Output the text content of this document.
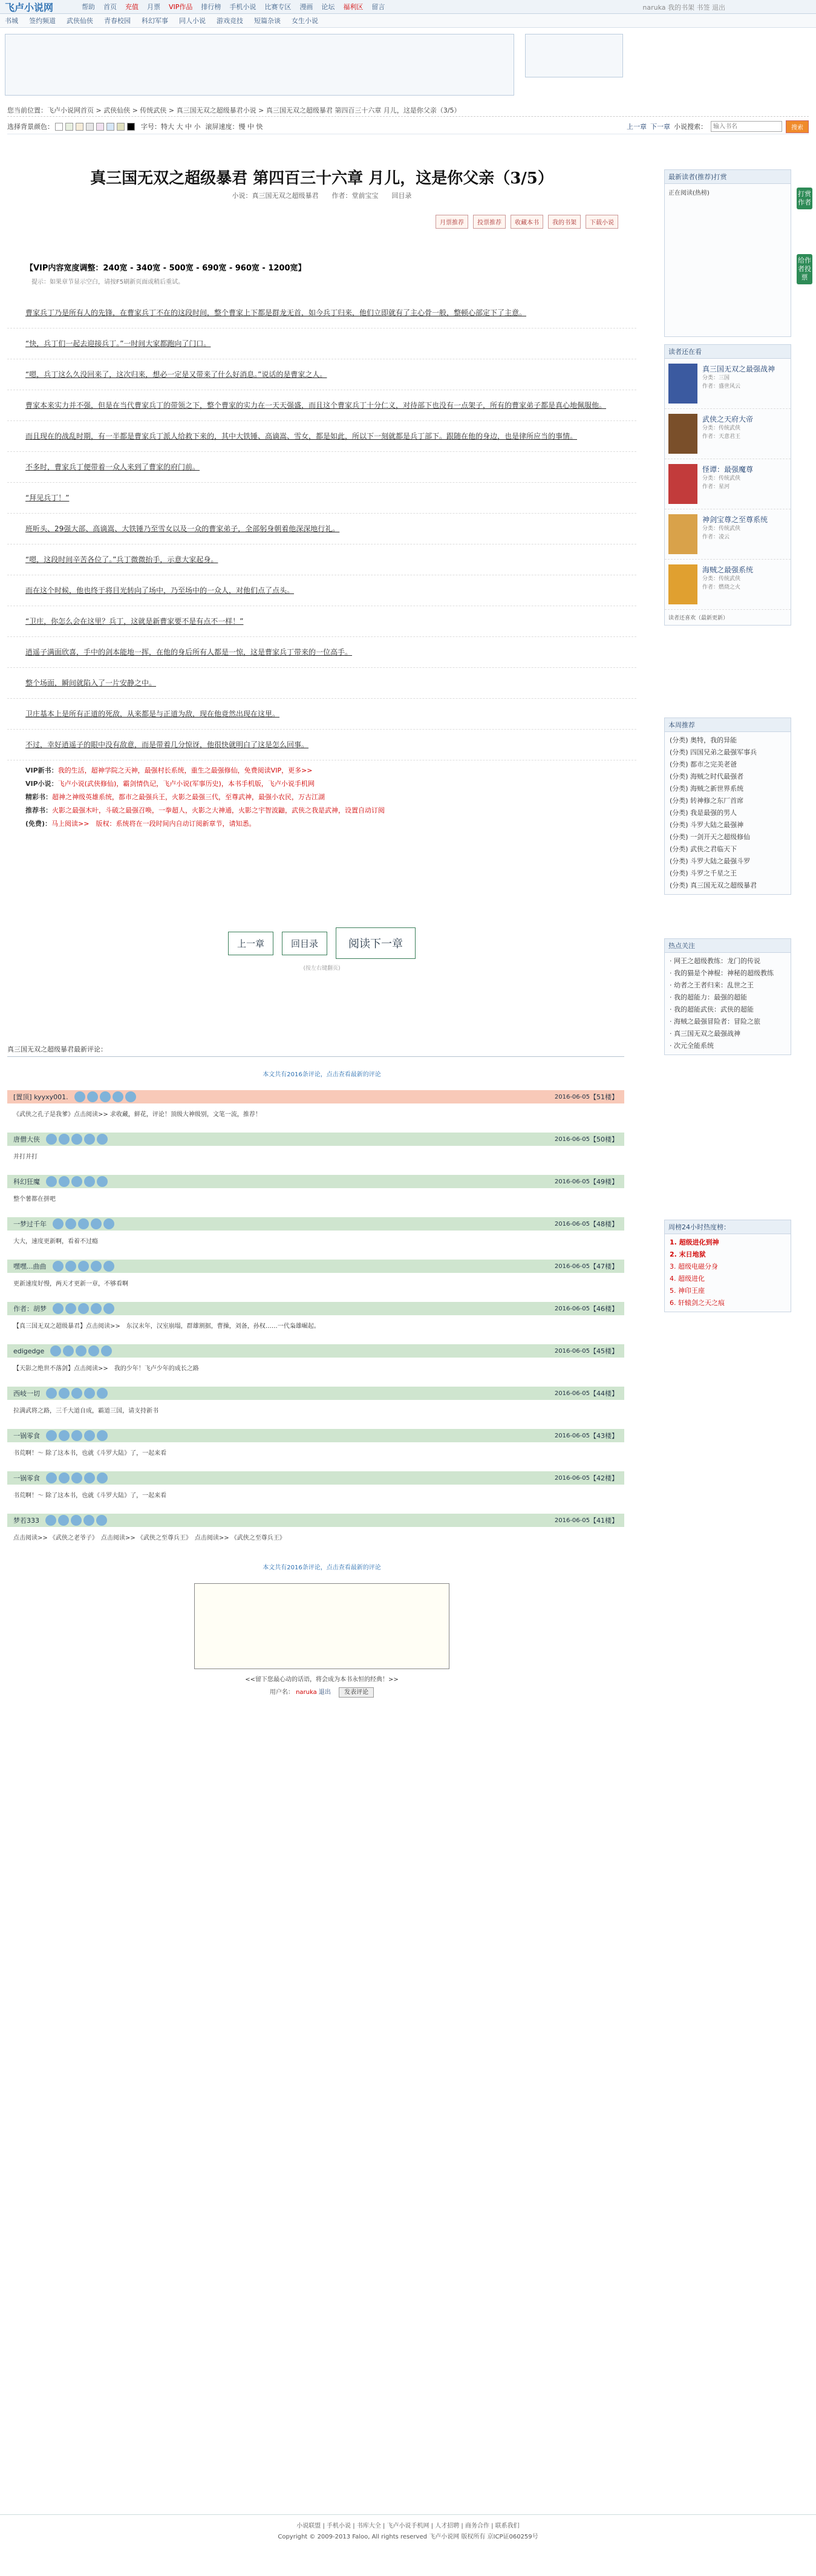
飞卢小说网	帮助 首页 充值 月票 VIP作品 排行榜 手机小说 比赛专区 漫画 论坛 福利区 留言	naruka 我的书架 书签 退出
书城 签约频道 武侠仙侠 青春校园 科幻军事 同人小说 游戏竞技 短篇杂谈 女生小说
您当前位置：飞卢小说网首页 > 武侠仙侠 > 传统武侠 > 真三国无双之超级暴君小说 > 真三国无双之超级暴君 第四百三十六章 月儿，这是你父亲（3/5）
选择背景颜色：	字号： 特大 大 中 小 滚屏速度： 慢 中 快	上一章 下一章 小说搜索：
输入书名	搜索
真三国无双之超级暴君 第四百三十六章 月儿，这是你父亲（3/5）
小说：真三国无双之超级暴君　　作者：堂前宝宝　　回目录
月票推荐	投票推荐	收藏本书	我的书架	下载小说
【VIP内容宽度调整：240宽 - 340宽 - 500宽 - 690宽 - 960宽 - 1200宽】
提示：如果章节显示空白，请按F5刷新页面或稍后重试。

曹家兵丁乃是所有人的先锋，在曹家兵丁不在的这段时间，整个曹家上下都是群龙无首，如今兵丁归来，他们立即就有了主心骨一般，整顿心部定下了主意。

“快，兵丁们一起去迎接兵丁。”一时间大家都跑向了门口。

“嗯，兵丁这么久没回来了，这次归来，想必一定是又带来了什么好消息。”说话的是曹家之人。

曹家本来实力并不强，但是在当代曹家兵丁的带领之下，整个曹家的实力在一天天强盛，而且这个曹家兵丁十分仁义，对待部下也没有一点架子，所有的曹家弟子都是真心地佩服他。

而且现在的战乱时期，有一半都是曹家兵丁派人给救下来的，其中大铁锤、高谪嵩、雪女，都是如此，所以下一刻就都是兵丁部下。跟随在他的身边，也是律所应当的事情。

不多时，曹家兵丁便带着一众人来到了曹家的府门前。

“拜见兵丁！”

班昕头、29强大部、高谪嵩、大铁锤乃至雪女以及一众的曹家弟子，全部躬身朝着他深深地行礼。

“嗯，这段时间辛苦各位了。”兵丁微微抬手，示意大家起身。

而在这个时候，他也终于将目光转向了场中，乃至场中的一众人，对他们点了点头。

“卫庄，你怎么会在这里？兵丁，这就是新曹家要不是有点不一样！”

逍遥子满面欣喜，手中的剑本能地一挥，在他的身后所有人都是一惊，这是曹家兵丁带来的一位高手。

整个场面，瞬间就陷入了一片安静之中。

卫庄基本上是所有正道的死敌，从来都是与正道为敌，现在他竟然出现在这里。

不过，幸好逍遥子的眼中没有敌意，而是带着几分惊讶，他很快就明白了这是怎么回事。

VIP新书：我的生活，超神学院之天神，最强村长系统，重生之最强修仙，免费阅读VIP，更多>>
VIP小说：飞卢小说(武侠修仙)，霸剑情仇记，飞卢小说(军事历史)，本书手机版，飞卢小说手机网
精彩书：超神之神级英雄系统，都市之最强兵王，火影之最强三代，至尊武神，最强小农民，万古江湖
推荐书：火影之最强木叶，斗破之最强召唤，一拳超人，火影之大神通，火影之宇智波鼬，武侠之我是武神，设置自动订阅
(免费)：马上阅读>>　版权：系统将在一段时间内自动订阅新章节，请知悉。
上一章	回目录	阅读下一章
(按左右键翻页)
真三国无双之超级暴君最新评论：
本文共有2016条评论，点击查看最新的评论
[置顶] kyyxy001.	2016-06-05 【51楼】
《武侠之孔子是我爹》点击阅读>> 求收藏，鲜花，评论！顶级大神级别，文笔一流，推荐！
唐僧大侠	2016-06-05 【50楼】
并打并打
科幻狂魔	2016-06-05 【49楼】
整个薯都在拼吧
一梦过千年	2016-06-05 【48楼】
大大，速度更新啊，看着不过瘾
嘿嘿...曲曲	2016-06-05 【47楼】
更新速度好慢，两天才更新一章，不够看啊
作者：胡梦	2016-06-05 【46楼】
【真三国无双之超级暴君】点击阅读>>　东汉末年，汉室崩塌，群雄割据，曹操，刘备，孙权……一代枭雄崛起。
edigedge	2016-06-05 【45楼】
【天影之绝世不落剑】点击阅读>>　我的少年！飞卢少年的成长之路
西岐一切	2016-06-05 【44楼】
拉满武将之路，三千大道自成，霸道三国，请支持新书
一锅零食	2016-06-05 【43楼】
书荒啊！～ 除了这本书，也就《斗罗大陆》了，一起来看
一锅零食	2016-06-05 【42楼】
书荒啊！～ 除了这本书，也就《斗罗大陆》了，一起来看
梦若333	2016-06-05 【41楼】
点击阅读>> 《武侠之老爷子》　点击阅读>> 《武侠之至尊兵王》　点击阅读>> 《武侠之至尊兵王》
本文共有2016条评论，点击查看最新的评论
<<留下您最心动的话语，将会成为本书永恒的经典！>>
用户名： naruka 退出 发表评论
最新读者(推荐)打赏
正在阅读(热榜)
读者还在看
真三国无双之最强战神
分类：三国
作者：盛世风云
武侠之天府大帝
分类：传统武侠
作者：天意君王
怪谭：最强魔尊
分类：传统武侠
作者：星河
神剑宝尊之至尊系统
分类：传统武侠
作者：凌云
海贼之最强系统
分类：传统武侠
作者：燃烧之火
读者还喜欢（最新更新）
本周推荐
(分类) 奥特，我的异能
(分类) 四国兄弟之最强军事兵
(分类) 都市之完美老爸
(分类) 海贼之时代最强者
(分类) 海贼之新世界系统
(分类) 转神修之东厂首席
(分类) 我是最强的男人
(分类) 斗罗大陆之最强神
(分类) 一剑开天之超级修仙
(分类) 武侠之君临天下
(分类) 斗罗大陆之最强斗罗
(分类) 斗罗之千星之王
(分类) 真三国无双之超级暴君
热点关注
· 网王之超级教练：龙门的传说
· 我的猫是个神棍：神秘的超级教练
· 幼者之王者归来：乱世之王
· 我的超能力：最强的超能
· 我的超能武侠：武侠的超能
· 海贼之最强冒险者：冒险之旅
· 真三国无双之最强战神
· 次元全能系统
周榜24小时热度榜：
1. 超级进化到神
2. 末日地狱
3. 超级电磁分身
4. 超级进化
5. 神印王座
6. 轩辕剑之天之痕
打赏作者
给作者投票
小说联盟 | 手机小说 | 书库大全 | 飞卢小说手机网 | 人才招聘 | 商务合作 | 联系我们
Copyright © 2009-2013 Faloo, All rights reserved 飞卢小说网 版权所有 京ICP证060259号
